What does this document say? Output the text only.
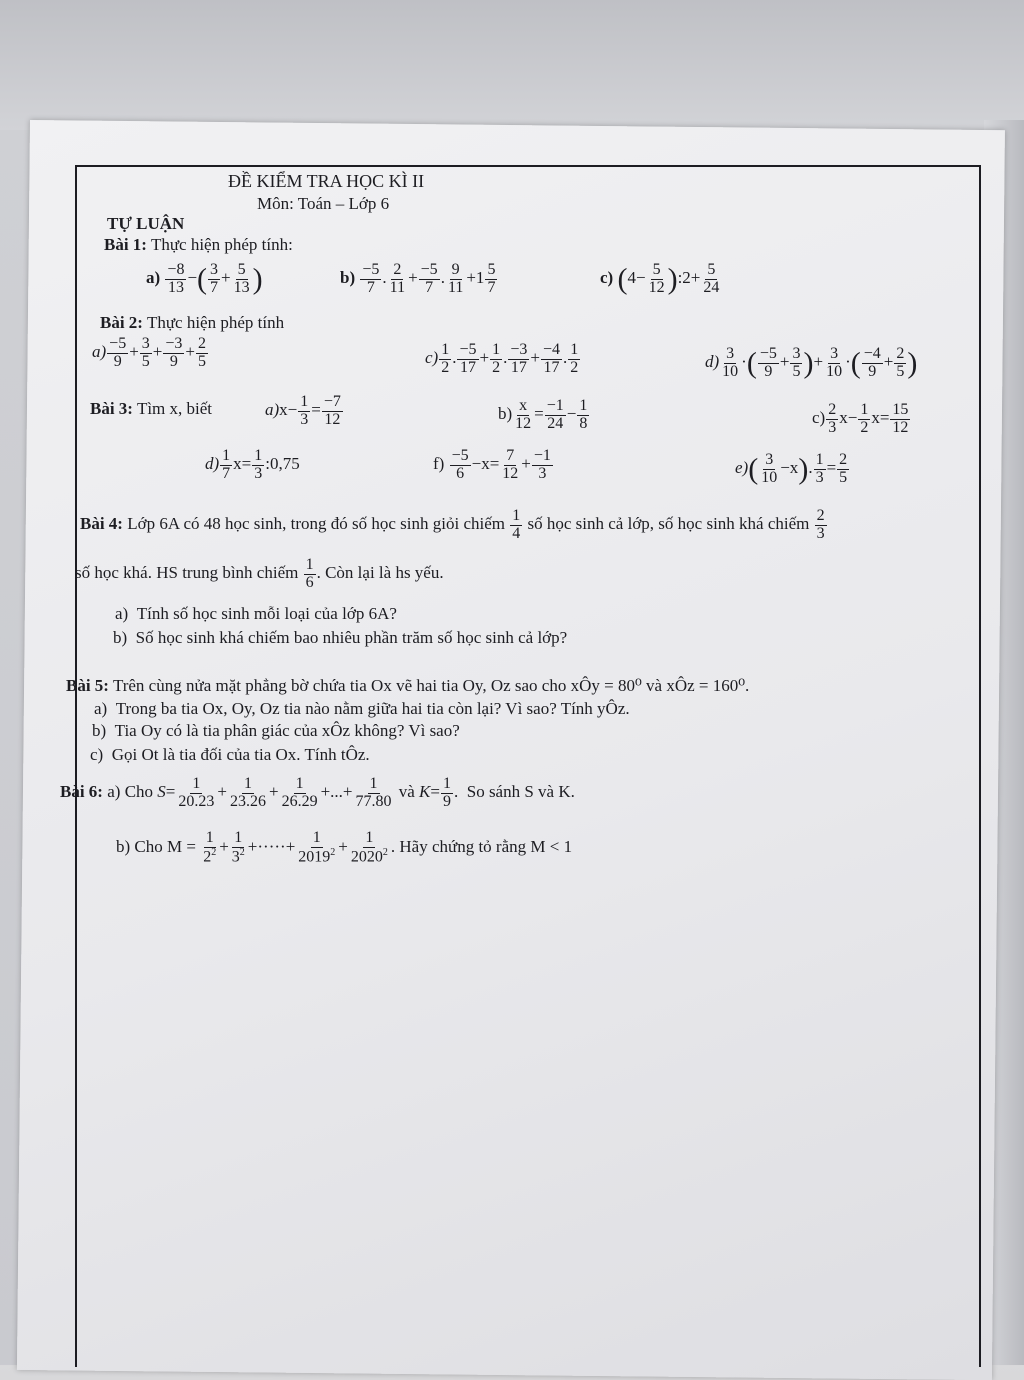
ĐỀ KIỂM TRA HỌC KÌ II
Môn: Toán – Lớp 6
TỰ LUẬN
Bài 1: Thực hiện phép tính:
$a) \frac{-8}{13}$ −( $\frac{3}{7} + \frac{5}{13}$ )	$b) \frac{-5}{7}$ . $\frac{2}{11} + \frac{-5}{7}$ . $\frac{9}{11} +1 \frac{5}{7}$	c) ($4- \frac{5}{12}$ ):2+ $\frac{5}{24}$
Bài 2: Thực hiện phép tính
$a) \frac{-5}{9} + \frac{3}{5} + \frac{-3}{9} + \frac{2}{5}$	$c) \frac{1}{2}$ . $\frac{-5}{17} + \frac{1}{2}$ . $\frac{-3}{17} + \frac{-4}{17}$ . $\frac{1}{2}$	$d) \frac{3}{10}$ ·( $\frac{-5}{9} + \frac{3}{5}$ )+ $\frac{3}{10}$ ·( $\frac{-4}{9} + \frac{2}{5}$ )
Bài 3: Tìm x, biết	$a)x- \frac{1}{3} = \frac{-7}{12}$	$b) \frac{x}{12} = \frac{-1}{24} - \frac{1}{8}$	$c) \frac{2}{3} x- \frac{1}{2} x= \frac{15}{12}$
$d) \frac{1}{7} x= \frac{1}{3}$ :0,75	$f) \frac{-5}{6} -x= \frac{7}{12} + \frac{-1}{3}$	$e)( \frac{3}{10} -x)$. $\frac{1}{3} = \frac{2}{5}$
Bài 4: Lớp 6A có 48 học sinh, trong đó số học sinh giỏi chiếm $\frac{1}{4}$ số học sinh cả lớp, số học sinh khá chiếm $\frac{2}{3}$
số học khá. HS trung bình chiếm $\frac{1}{6}$ . Còn lại là hs yếu.
a) Tính số học sinh mỗi loại của lớp 6A?
b) Số học sinh khá chiếm bao nhiêu phần trăm số học sinh cả lớp?
Bài 5: Trên cùng nửa mặt phẳng bờ chứa tia Ox vẽ hai tia Oy, Oz sao cho xÔy = 80⁰ và xÔz = 160⁰.
a) Trong ba tia Ox, Oy, Oz tia nào nằm giữa hai tia còn lại? Vì sao? Tính yÔz.
b) Tia Oy có là tia phân giác của xÔz không? Vì sao?
c) Gọi Ot là tia đối của tia Ox. Tính tÔz.
Bài 6: a) Cho $S= \frac{1}{20.23} + \frac{1}{23.26} + \frac{1}{26.29}$ +...+ $\frac{1}{77.80}$ và $K= \frac{1}{9}$ .  So sánh S và K.
b) Cho $M = \frac{1}{2^2} + \frac{1}{3^2}$ +·····+ $\frac{1}{2019^2} + \frac{1}{2020^2}$ . Hãy chứng tỏ rằng M < 1
